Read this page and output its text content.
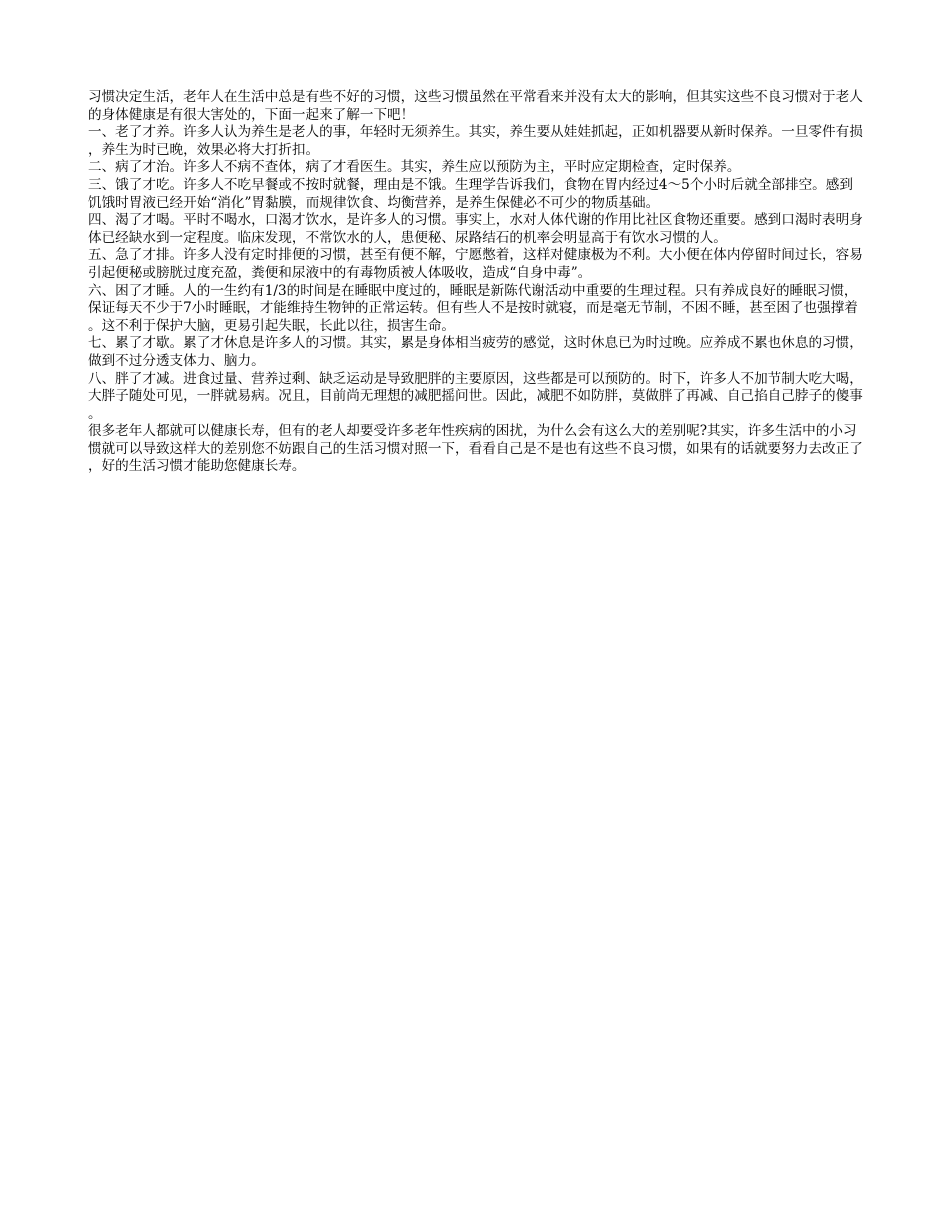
习惯决定生活，老年人在生活中总是有些不好的习惯，这些习惯虽然在平常看来并没有太大的影响，但其实这些不良习惯对于老人的身体健康是有很大害处的，下面一起来了解一下吧！

一、老了才养。许多人认为养生是老人的事，年轻时无须养生。其实，养生要从娃娃抓起，正如机器要从新时保养。一旦零件有损，养生为时已晚，效果必将大打折扣。

二、病了才治。许多人不病不查体，病了才看医生。其实，养生应以预防为主，平时应定期检查，定时保养。

三、饿了才吃。许多人不吃早餐或不按时就餐，理由是不饿。生理学告诉我们，食物在胃内经过4～5个小时后就全部排空。感到饥饿时胃液已经开始“消化”胃黏膜，而规律饮食、均衡营养，是养生保健必不可少的物质基础。

四、渴了才喝。平时不喝水，口渴才饮水，是许多人的习惯。事实上，水对人体代谢的作用比社区食物还重要。感到口渴时表明身体已经缺水到一定程度。临床发现，不常饮水的人，患便秘、尿路结石的机率会明显高于有饮水习惯的人。

五、急了才排。许多人没有定时排便的习惯，甚至有便不解，宁愿憋着，这样对健康极为不利。大小便在体内停留时间过长，容易引起便秘或膀胱过度充盈，粪便和尿液中的有毒物质被人体吸收，造成“自身中毒”。

六、困了才睡。人的一生约有1/3的时间是在睡眠中度过的，睡眠是新陈代谢活动中重要的生理过程。只有养成良好的睡眠习惯，保证每天不少于7小时睡眠，才能维持生物钟的正常运转。但有些人不是按时就寝，而是毫无节制，不困不睡，甚至困了也强撑着。这不利于保护大脑，更易引起失眠，长此以往，损害生命。

七、累了才歇。累了才休息是许多人的习惯。其实，累是身体相当疲劳的感觉，这时休息已为时过晚。应养成不累也休息的习惯，做到不过分透支体力、脑力。

八、胖了才减。进食过量、营养过剩、缺乏运动是导致肥胖的主要原因，这些都是可以预防的。时下，许多人不加节制大吃大喝，大胖子随处可见，一胖就易病。况且，目前尚无理想的减肥摇问世。因此，减肥不如防胖，莫做胖了再减、自己掐自己脖子的傻事。

很多老年人都就可以健康长寿，但有的老人却要受许多老年性疾病的困扰，为什么会有这么大的差别呢?其实，许多生活中的小习惯就可以导致这样大的差别您不妨跟自己的生活习惯对照一下，看看自己是不是也有这些不良习惯，如果有的话就要努力去改正了，好的生活习惯才能助您健康长寿。
